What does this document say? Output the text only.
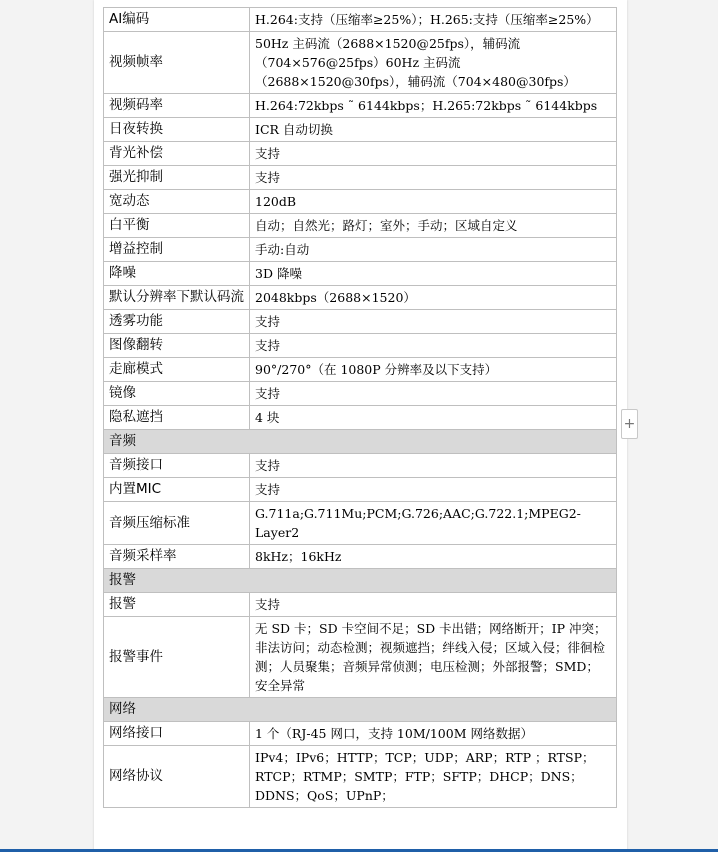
AI编码	H.264:支持（压缩率≥25%）；H.265:支持（压缩率≥25%）
视频帧率	50Hz 主码流（2688×1520@25fps），辅码流（704×576@25fps）60Hz 主码流（2688×1520@30fps），辅码流（704×480@30fps）
视频码率	H.264:72kbps ˜ 6144kbps；H.265:72kbps ˜ 6144kbps
日夜转换	ICR 自动切换
背光补偿	支持
强光抑制	支持
宽动态	120dB
白平衡	自动；自然光；路灯；室外；手动；区域自定义
增益控制	手动:自动
降噪	3D 降噪
默认分辨率下默认码流	2048kbps（2688×1520）
透雾功能	支持
图像翻转	支持
走廊模式	90°/270°（在 1080P 分辨率及以下支持）
镜像	支持
隐私遮挡	4 块
音频	
音频接口	支持
内置MIC	支持
音频压缩标准	G.711a;G.711Mu;PCM;G.726;AAC;G.722.1;MPEG2-Layer2
音频采样率	8kHz；16kHz
报警	
报警	支持
报警事件	无 SD 卡；SD 卡空间不足；SD 卡出错；网络断开；IP 冲突；非法访问；动态检测；视频遮挡；绊线入侵；区域入侵；徘徊检测；人员聚集；音频异常侦测；电压检测；外部报警；SMD；安全异常
网络	
网络接口	1 个（RJ-45 网口，支持 10M/100M 网络数据）
网络协议	IPv4；IPv6；HTTP；TCP；UDP；ARP；RTP ；RTSP；RTCP；RTMP；SMTP；FTP；SFTP；DHCP；DNS；DDNS；QoS；UPnP；
+
